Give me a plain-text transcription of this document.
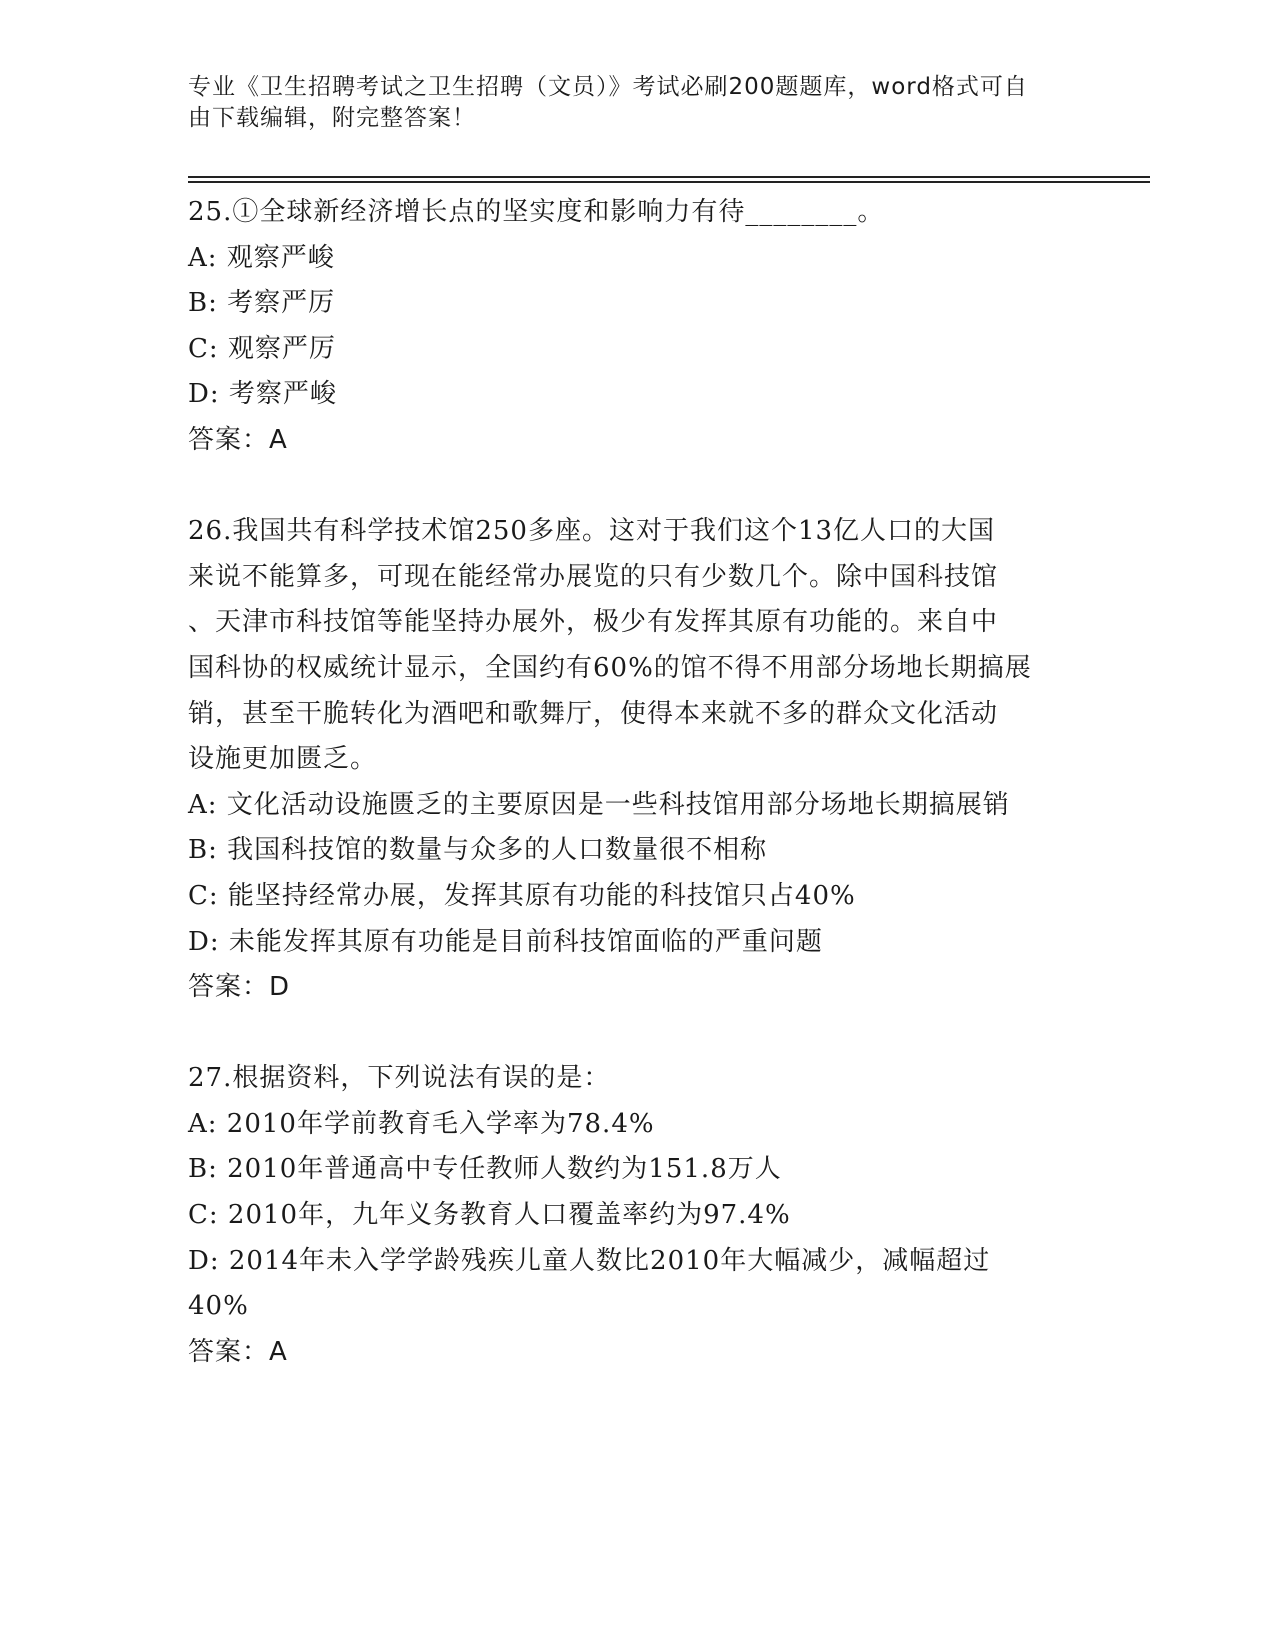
专业《卫生招聘考试之卫生招聘（文员）》考试必刷200题题库，word格式可自
由下载编辑，附完整答案！
25.①全球新经济增长点的坚实度和影响力有待________。
A: 观察严峻
B: 考察严厉
C: 观察严厉
D: 考察严峻
答案：A
26.我国共有科学技术馆250多座。这对于我们这个13亿人口的大国
来说不能算多，可现在能经常办展览的只有少数几个。除中国科技馆
、天津市科技馆等能坚持办展外，极少有发挥其原有功能的。来自中
国科协的权威统计显示，全国约有60%的馆不得不用部分场地长期搞展
销，甚至干脆转化为酒吧和歌舞厅，使得本来就不多的群众文化活动
设施更加匮乏。
A: 文化活动设施匮乏的主要原因是一些科技馆用部分场地长期搞展销
B: 我国科技馆的数量与众多的人口数量很不相称
C: 能坚持经常办展，发挥其原有功能的科技馆只占40%
D: 未能发挥其原有功能是目前科技馆面临的严重问题
答案：D
27.根据资料，下列说法有误的是：
A: 2010年学前教育毛入学率为78.4%
B: 2010年普通高中专任教师人数约为151.8万人
C: 2010年，九年义务教育人口覆盖率约为97.4%
D: 2014年未入学学龄残疾儿童人数比2010年大幅减少，减幅超过
40%
答案：A
